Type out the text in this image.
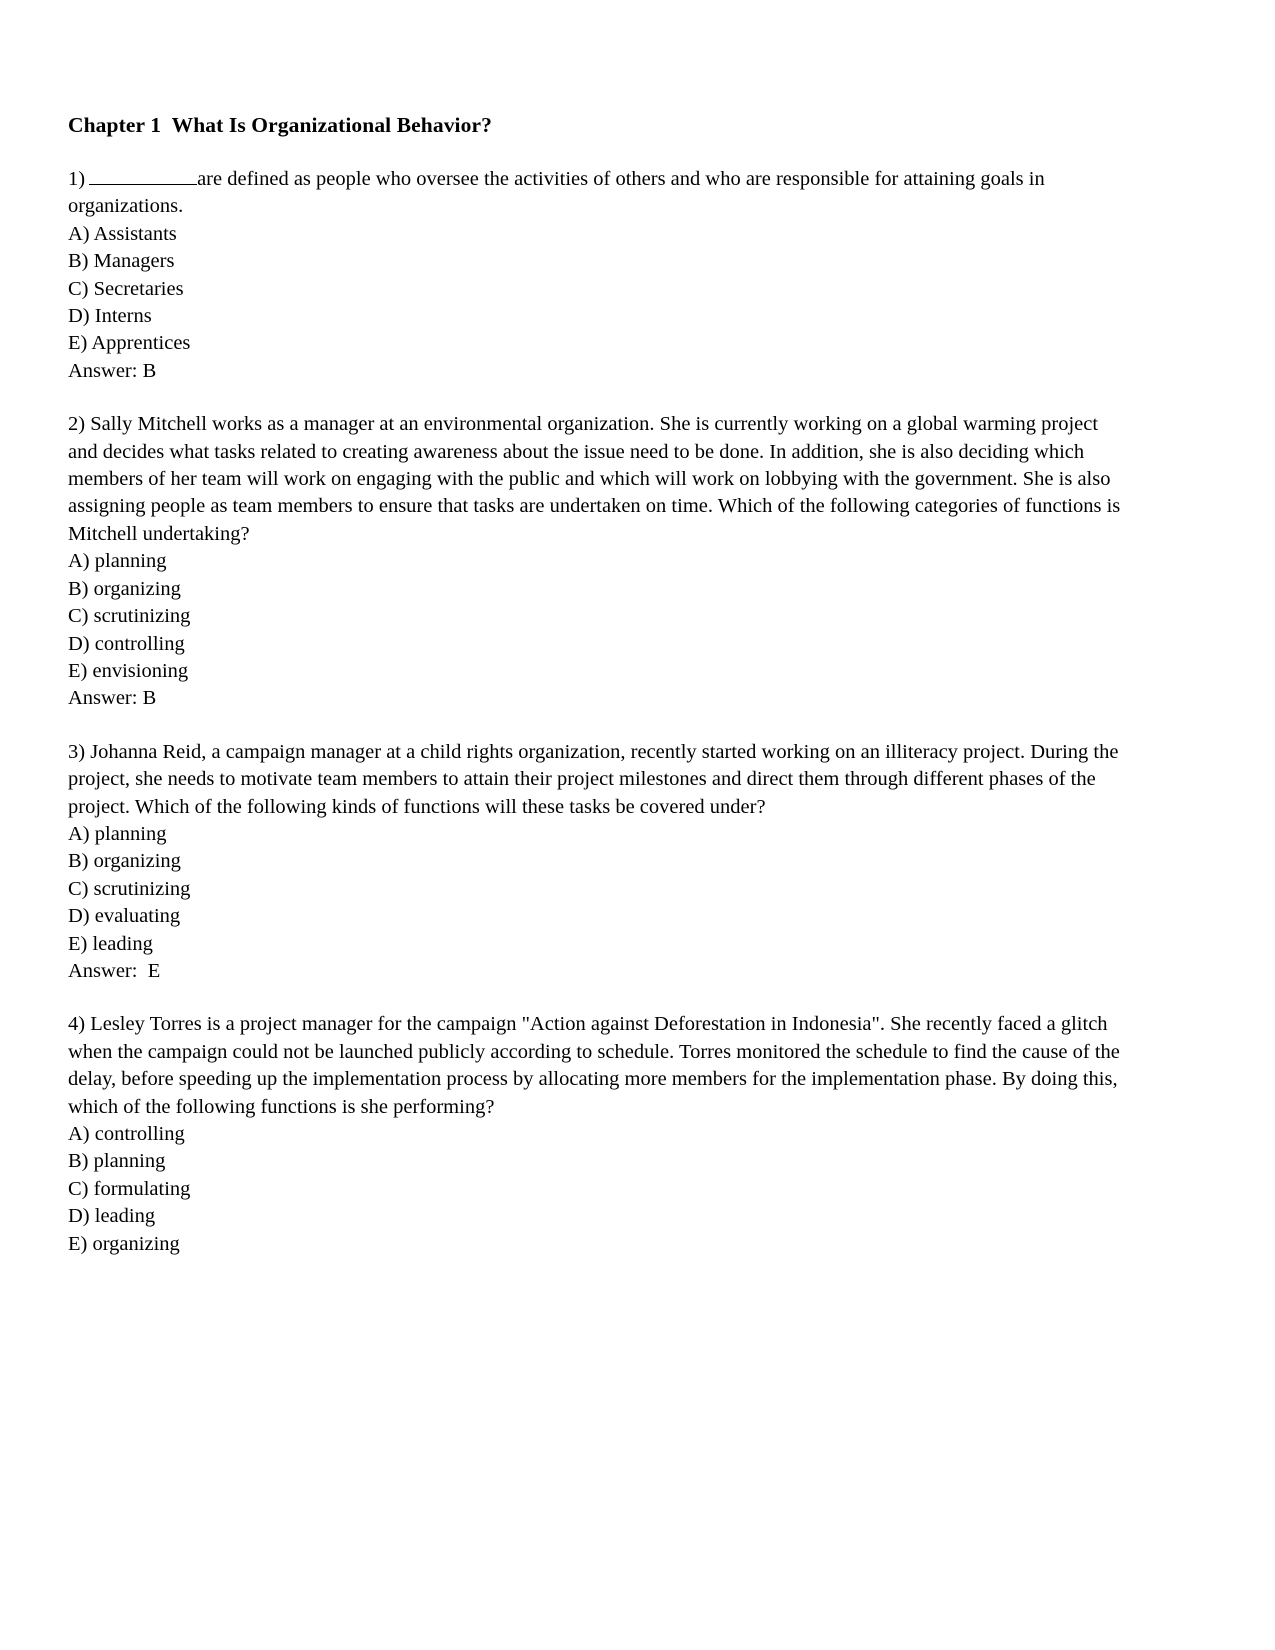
Chapter 1  What Is Organizational Behavior?

1)	are defined as people who oversee the activities of others and who are responsible for attaining goals in organizations.

A) Assistants

B) Managers

C) Secretaries

D) Interns

E) Apprentices

Answer: B

2) Sally Mitchell works as a manager at an environmental organization. She is currently working on a global warming project and decides what tasks related to creating awareness about the issue need to be done. In addition, she is also deciding which members of her team will work on engaging with the public and which will work on lobbying with the government. She is also assigning people as team members to ensure that tasks are undertaken on time. Which of the following categories of functions is Mitchell undertaking?

A) planning

B) organizing

C) scrutinizing

D) controlling

E) envisioning

Answer: B

3) Johanna Reid, a campaign manager at a child rights organization, recently started working on an illiteracy project. During the project, she needs to motivate team members to attain their project milestones and direct them through different phases of the project. Which of the following kinds of functions will these tasks be covered under?

A) planning

B) organizing

C) scrutinizing

D) evaluating

E) leading

Answer:  E

4) Lesley Torres is a project manager for the campaign "Action against Deforestation in Indonesia". She recently faced a glitch when the campaign could not be launched publicly according to schedule. Torres monitored the schedule to find the cause of the delay, before speeding up the implementation process by allocating more members for the implementation phase. By doing this, which of the following functions is she performing?

A) controlling

B) planning

C) formulating

D) leading

E) organizing
